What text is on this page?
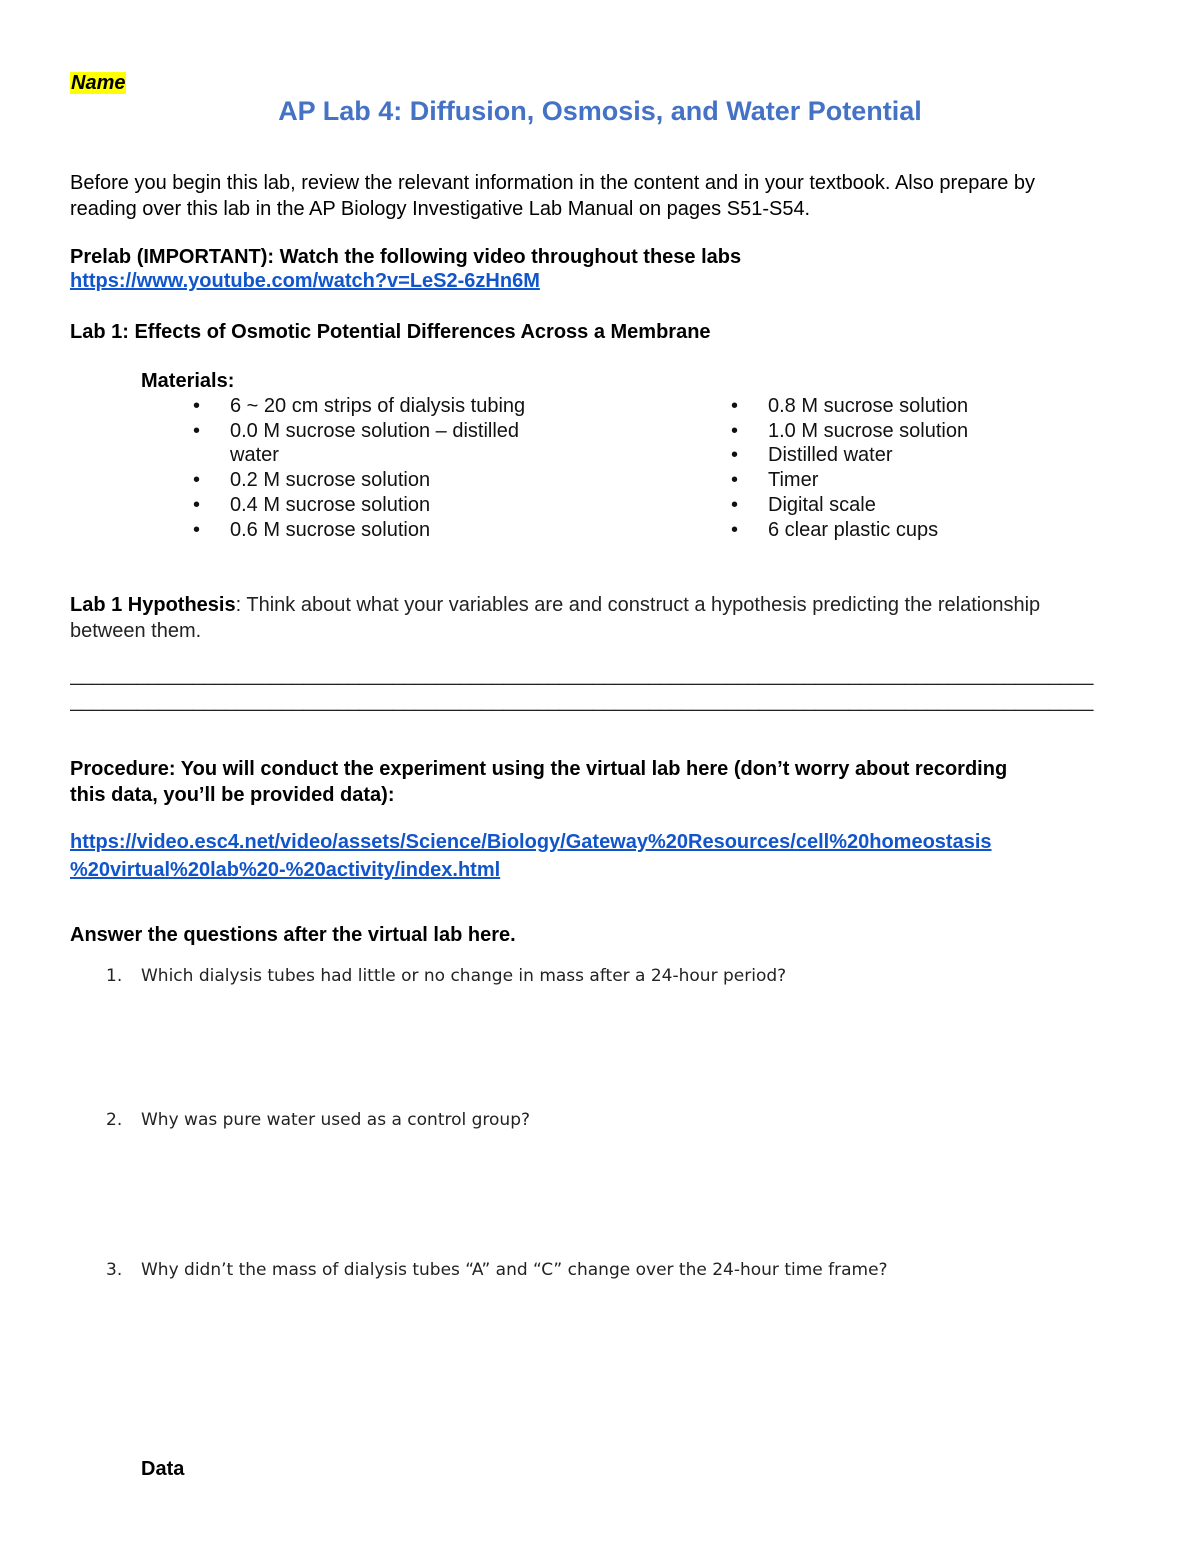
Name
AP Lab 4: Diffusion, Osmosis, and Water Potential
Before you begin this lab, review the relevant information in the content and in your textbook. Also prepare by
reading over this lab in the AP Biology Investigative Lab Manual on pages S51-S54.
Prelab (IMPORTANT): Watch the following video throughout these labs
https://www.youtube.com/watch?v=LeS2-6zHn6M
Lab 1: Effects of Osmotic Potential Differences Across a Membrane
Materials:
• 6 ~ 20 cm strips of dialysis tubing
• 0.0 M sucrose solution – distilled
water
• 0.2 M sucrose solution
• 0.4 M sucrose solution
• 0.6 M sucrose solution
• 0.8 M sucrose solution
• 1.0 M sucrose solution
• Distilled water
• Timer
• Digital scale
• 6 clear plastic cups
Lab 1 Hypothesis: Think about what your variables are and construct a hypothesis predicting the relationship
between them.
____________________________________________________________________________________________
____________________________________________________________________________________________
Procedure: You will conduct the experiment using the virtual lab here (don’t worry about recording
this data, you’ll be provided data):
https://video.esc4.net/video/assets/Science/Biology/Gateway%20Resources/cell%20homeostasis
%20virtual%20lab%20-%20activity/index.html
Answer the questions after the virtual lab here.
1. Which dialysis tubes had little or no change in mass after a 24-hour period?
2. Why was pure water used as a control group?
3. Why didn’t the mass of dialysis tubes “A” and “C” change over the 24-hour time frame?
Data
